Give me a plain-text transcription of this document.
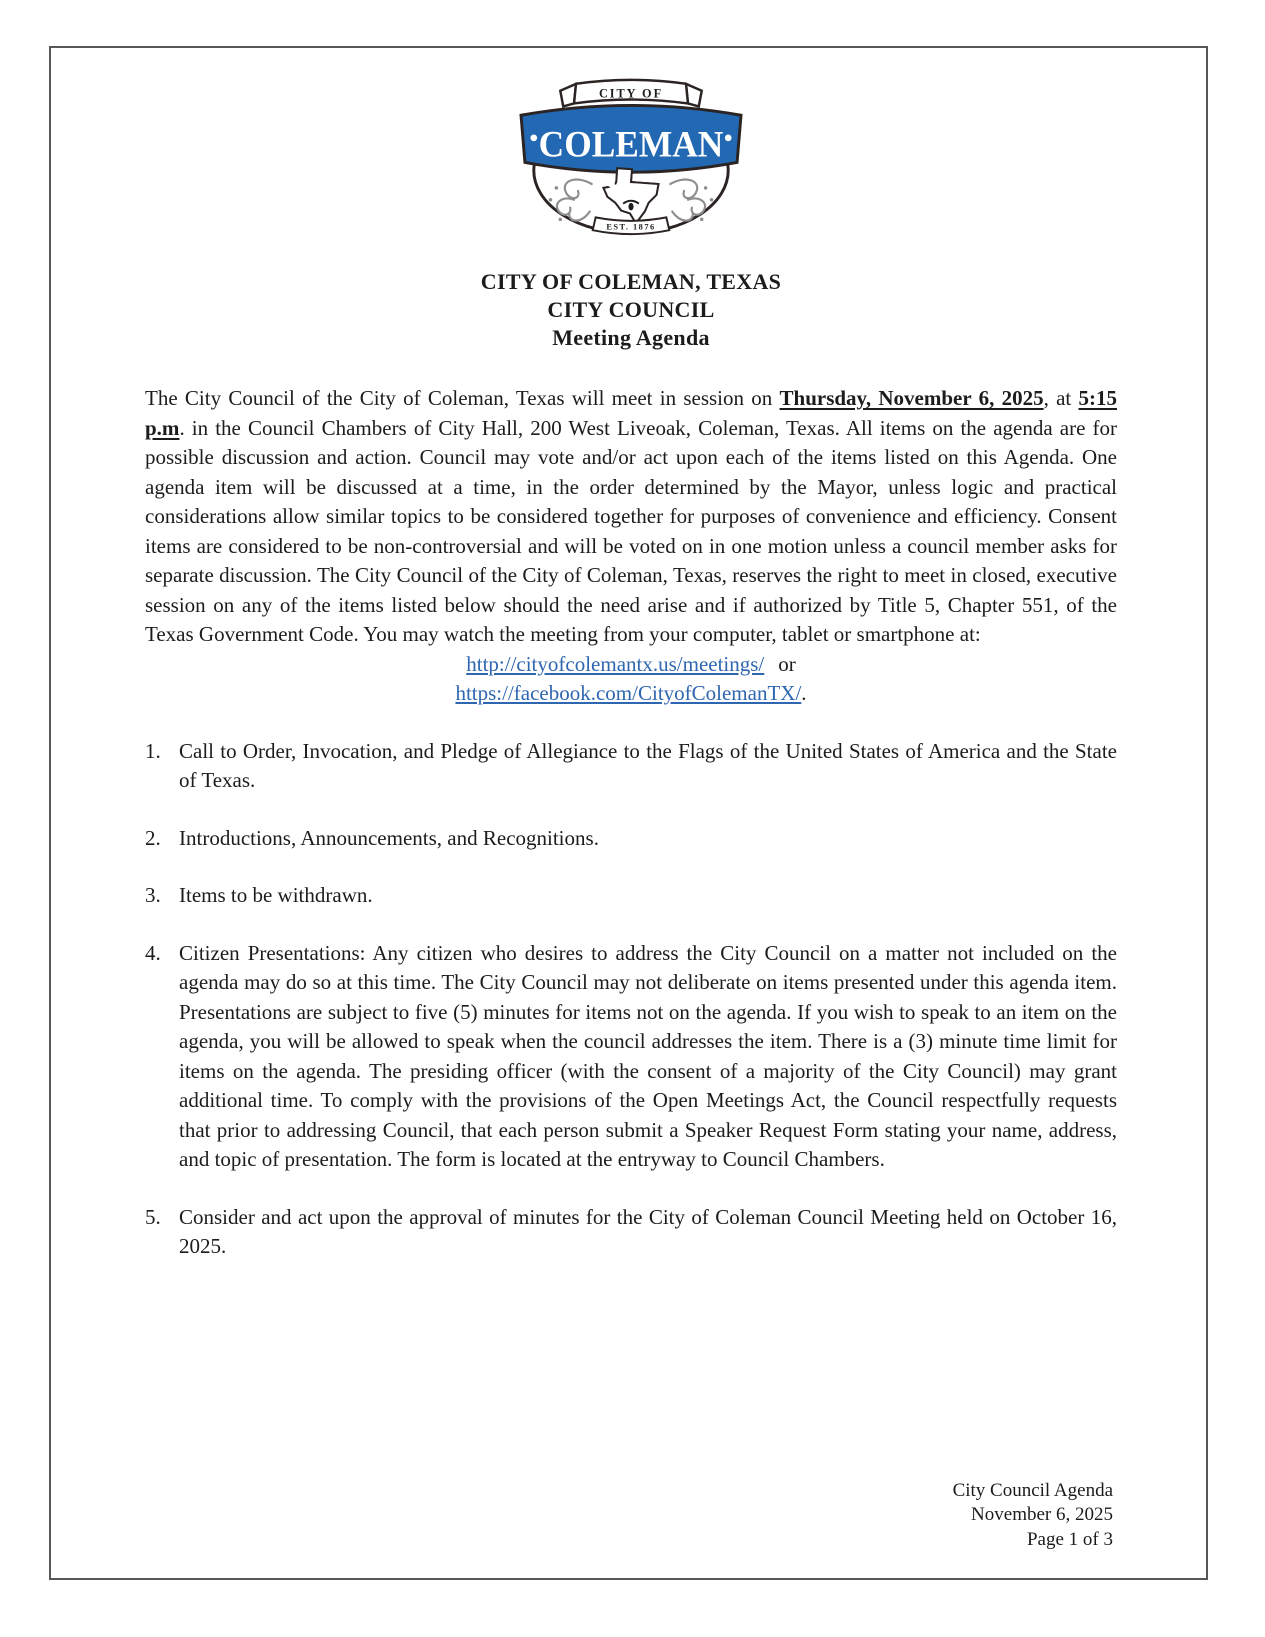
COLEMAN
CITY OF
EST. 1876
CITY OF COLEMAN, TEXAS
CITY COUNCIL
Meeting Agenda

The City Council of the City of Coleman, Texas will meet in session on Thursday, November 6, 2025, at 5:15 p.m. in the Council Chambers of City Hall, 200 West Liveoak, Coleman, Texas. All items on the agenda are for possible discussion and action. Council may vote and/or act upon each of the items listed on this Agenda. One agenda item will be discussed at a time, in the order determined by the Mayor, unless logic and practical considerations allow similar topics to be considered together for purposes of convenience and efficiency. Consent items are considered to be non-controversial and will be voted on in one motion unless a council member asks for separate discussion. The City Council of the City of Coleman, Texas, reserves the right to meet in closed, executive session on any of the items listed below should the need arise and if authorized by Title 5, Chapter 551, of the Texas Government Code. You may watch the meeting from your computer, tablet or smartphone at:

http://cityofcolemantx.us/meetings/ or
https://facebook.com/CityofColemanTX/.
1. Call to Order, Invocation, and Pledge of Allegiance to the Flags of the United States of America and the State of Texas.
2. Introductions, Announcements, and Recognitions.
3. Items to be withdrawn.
4. Citizen Presentations: Any citizen who desires to address the City Council on a matter not included on the agenda may do so at this time. The City Council may not deliberate on items presented under this agenda item. Presentations are subject to five (5) minutes for items not on the agenda. If you wish to speak to an item on the agenda, you will be allowed to speak when the council addresses the item. There is a (3) minute time limit for items on the agenda. The presiding officer (with the consent of a majority of the City Council) may grant additional time. To comply with the provisions of the Open Meetings Act, the Council respectfully requests that prior to addressing Council, that each person submit a Speaker Request Form stating your name, address, and topic of presentation. The form is located at the entryway to Council Chambers.
5. Consider and act upon the approval of minutes for the City of Coleman Council Meeting held on October 16, 2025.
City Council Agenda
November 6, 2025
Page 1 of 3
